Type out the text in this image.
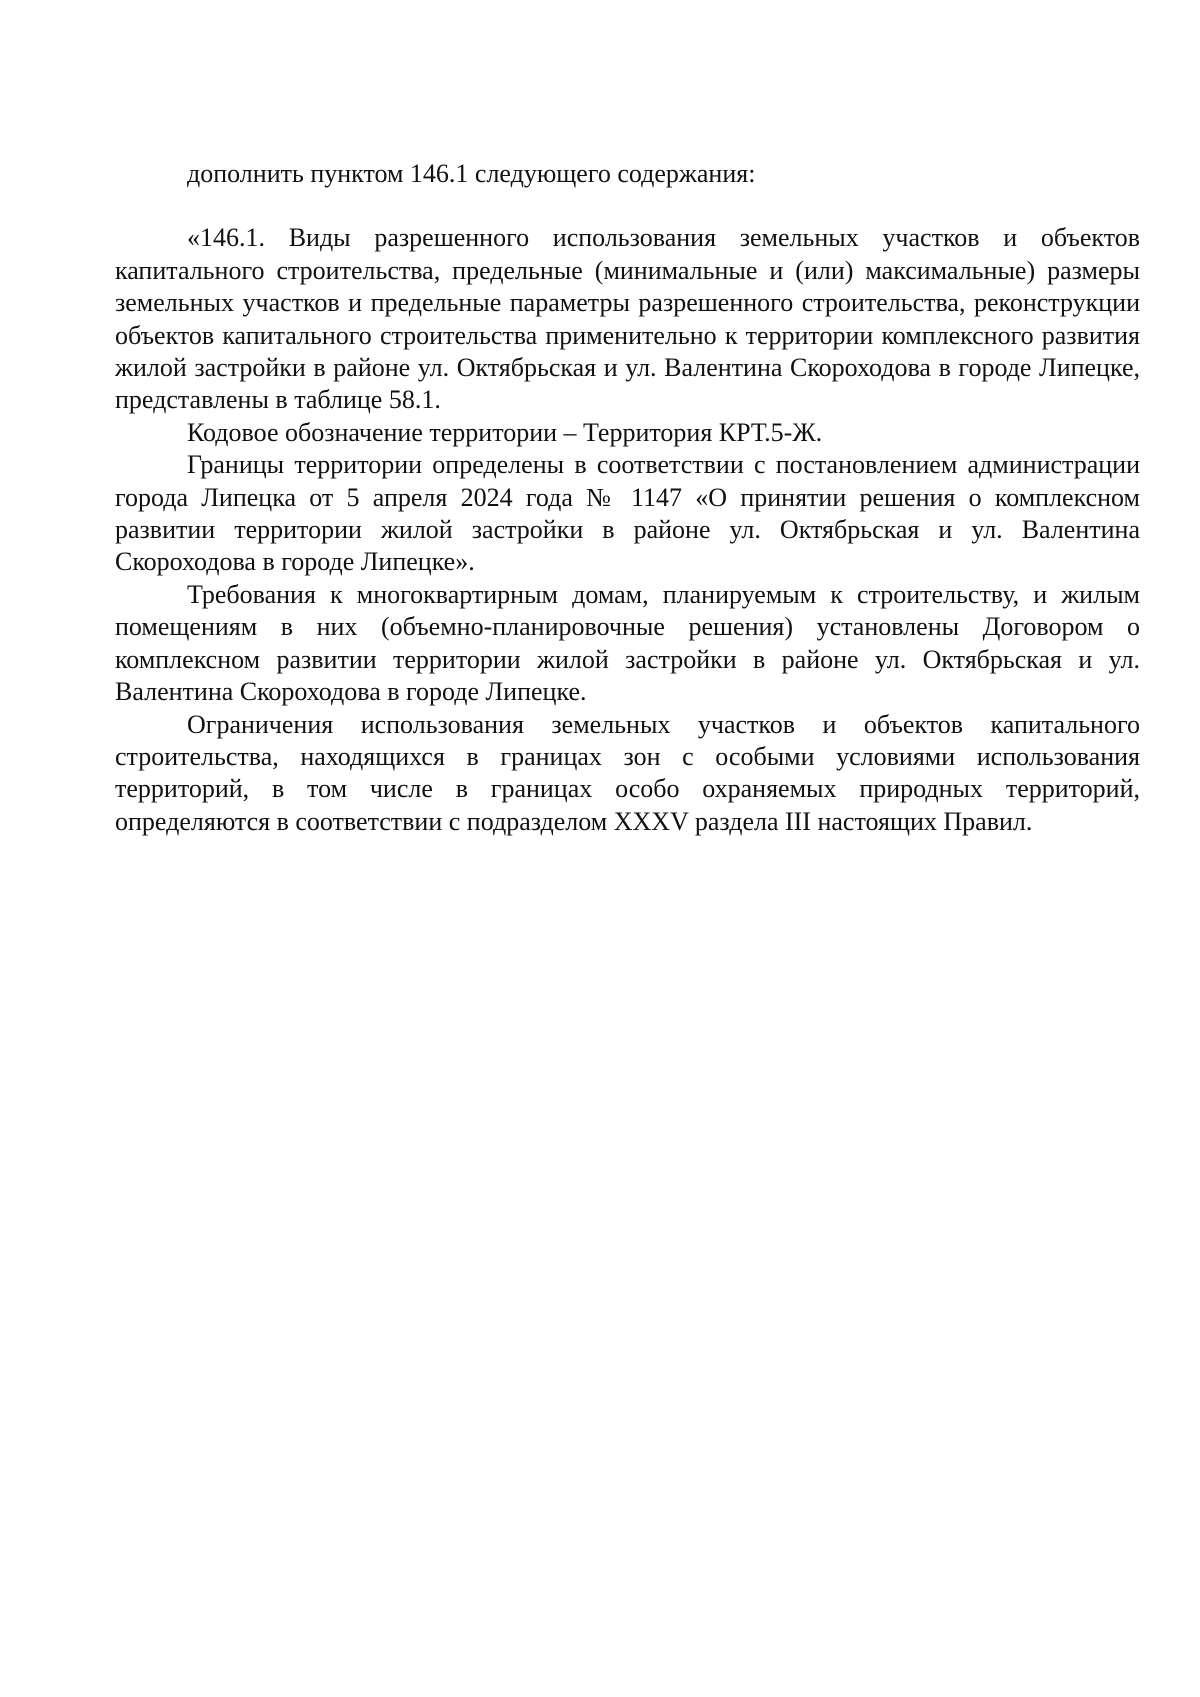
дополнить пунктом 146.1 следующего содержания:

«146.1. Виды разрешенного использования земельных участков и объектов капитального строительства, предельные (минимальные и (или) максимальные) размеры земельных участков и предельные параметры разрешенного строительства, реконструкции объектов капитального строительства применительно к территории комплексного развития жилой застройки в районе ул. Октябрьская и ул. Валентина Скороходова в городе Липецке, представлены в таблице 58.1.

Кодовое обозначение территории – Территория КРТ.5-Ж.

Границы территории определены в соответствии с постановлением администрации города Липецка от 5 апреля 2024 года № 1147 «О принятии решения о комплексном развитии территории жилой застройки в районе ул. Октябрьская и ул. Валентина Скороходова в городе Липецке».

Требования к многоквартирным домам, планируемым к строительству, и жилым помещениям в них (объемно-планировочные решения) установлены Договором о комплексном развитии территории жилой застройки в районе ул. Октябрьская и ул. Валентина Скороходова в городе Липецке.

Ограничения использования земельных участков и объектов капитального строительства, находящихся в границах зон с особыми условиями использования территорий, в том числе в границах особо охраняемых природных территорий, определяются в соответствии с подразделом XXXV раздела III настоящих Правил.
